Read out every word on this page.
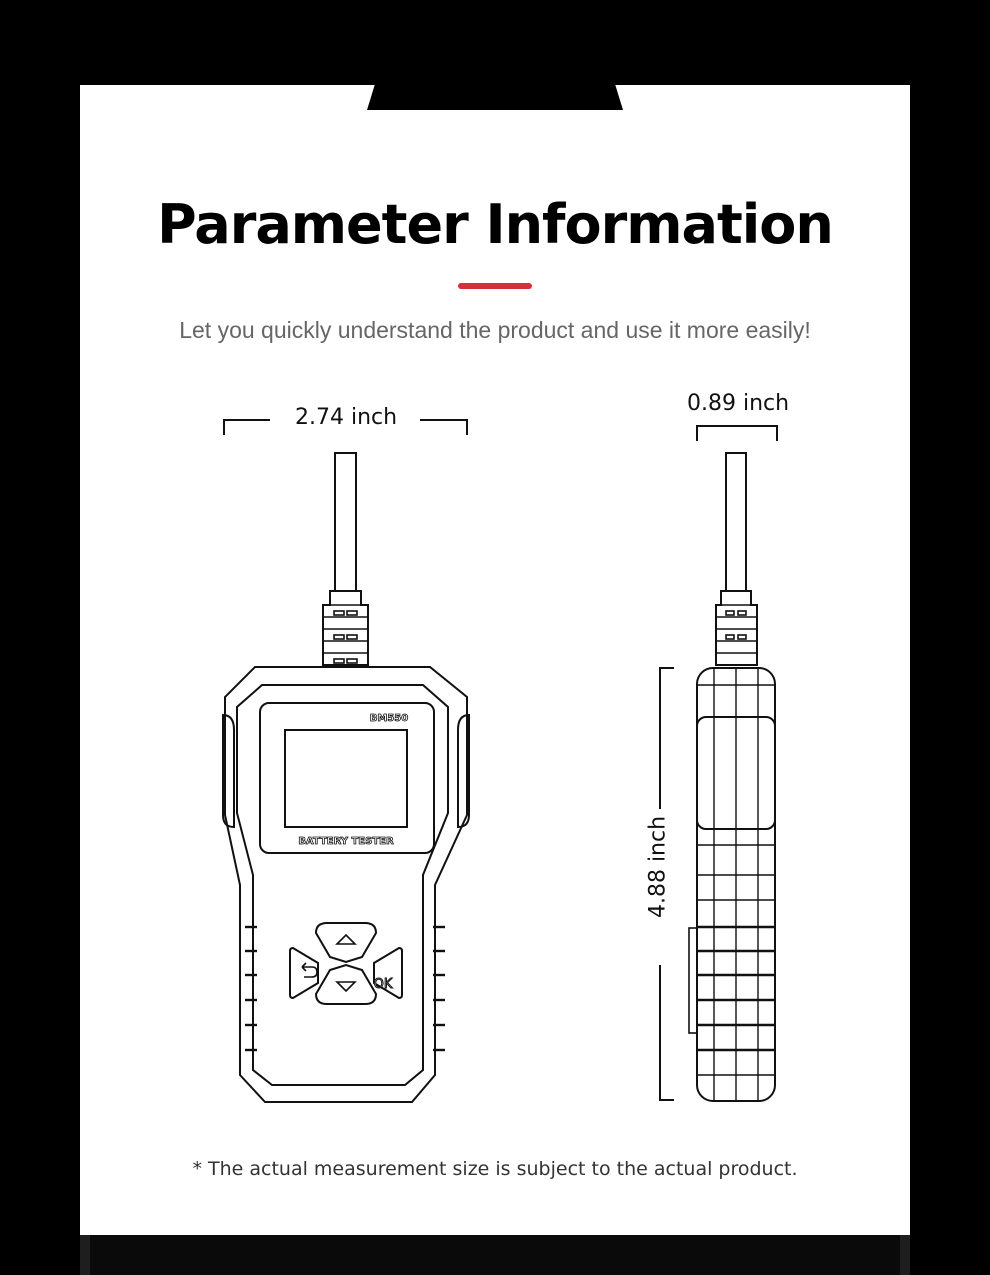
Parameter Information
Let you quickly understand the product and use it more easily!
2.74 inch
0.89 inch
4.88 inch
* The actual measurement size is subject to the actual product.
BM550
BATTERY TESTER
OK
